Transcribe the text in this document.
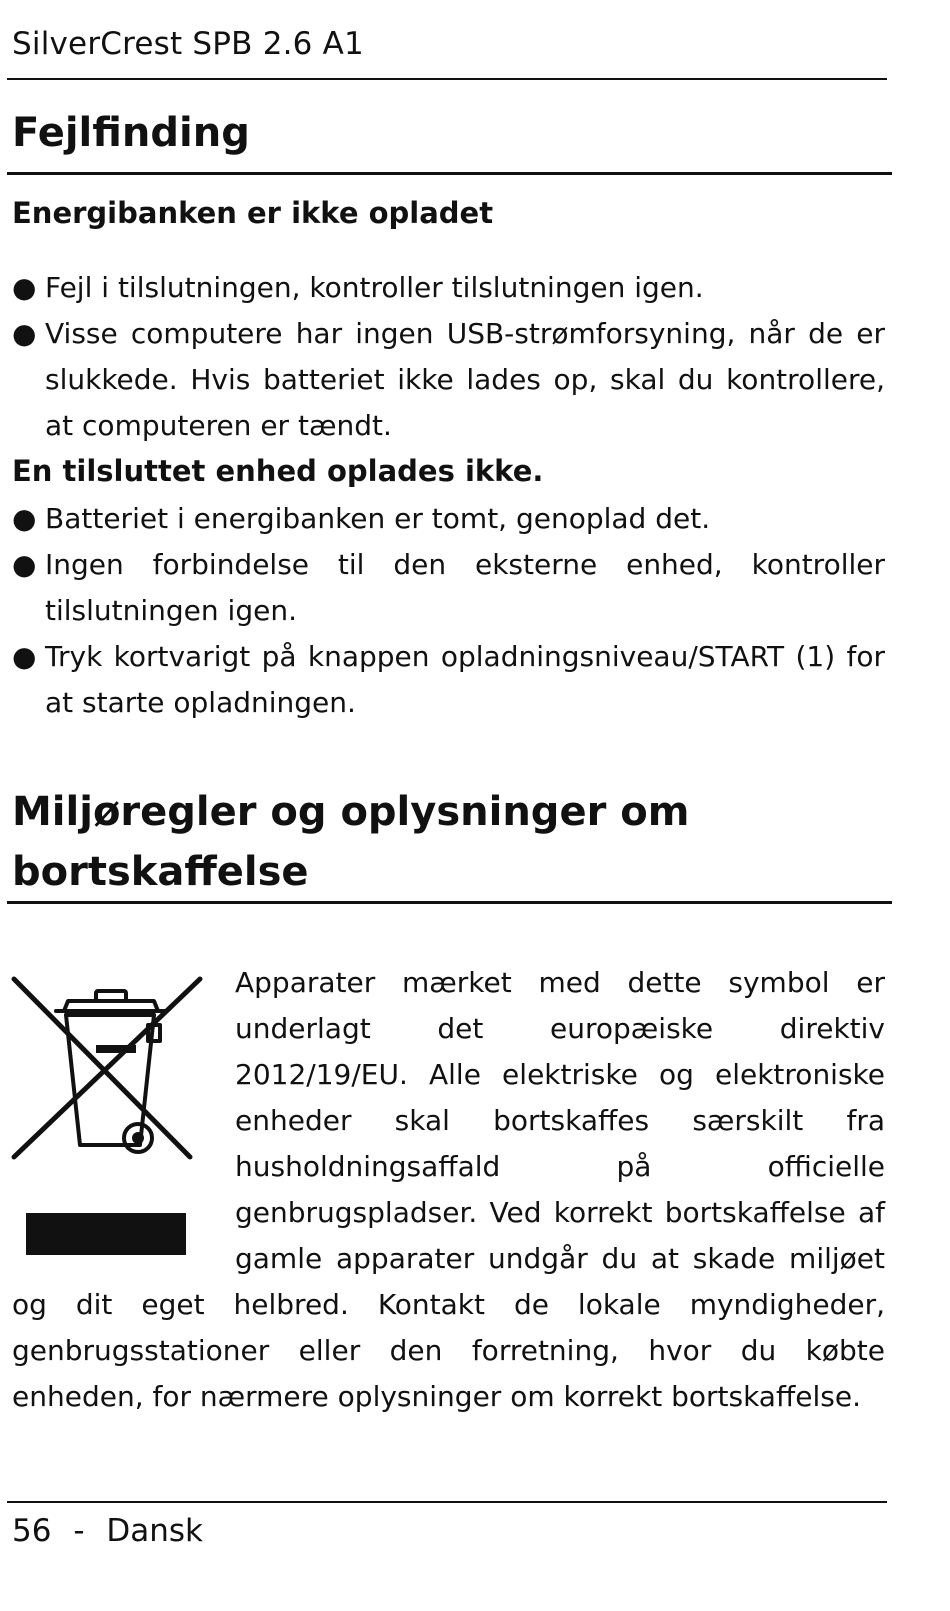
SilverCrest SPB 2.6 A1
Fejlfinding
Energibanken er ikke opladet
● Fejl i tilslutningen, kontroller tilslutningen igen.
● Visse computere har ingen USB-strømforsyning, når de er slukkede. Hvis batteriet ikke lades op, skal du kontrollere, at computeren er tændt.
En tilsluttet enhed oplades ikke.
● Batteriet i energibanken er tomt, genoplad det.
● Ingen forbindelse til den eksterne enhed, kontroller tilslutningen igen.
● Tryk kortvarigt på knappen opladningsniveau/START (1) for at starte opladningen.
Miljøregler og oplysninger om bortskaffelse
Apparater mærket med dette symbol er underlagt det europæiske direktiv 2012/19/EU. Alle elektriske og elektroniske enheder skal bortskaffes særskilt fra husholdningsaffald på officielle genbrugspladser. Ved korrekt bortskaffelse af gamle apparater undgår du at skade miljøet og dit eget helbred. Kontakt de lokale myndigheder, genbrugsstationer eller den forretning, hvor du købte enheden, for nærmere oplysninger om korrekt bortskaffelse.
56 - Dansk
